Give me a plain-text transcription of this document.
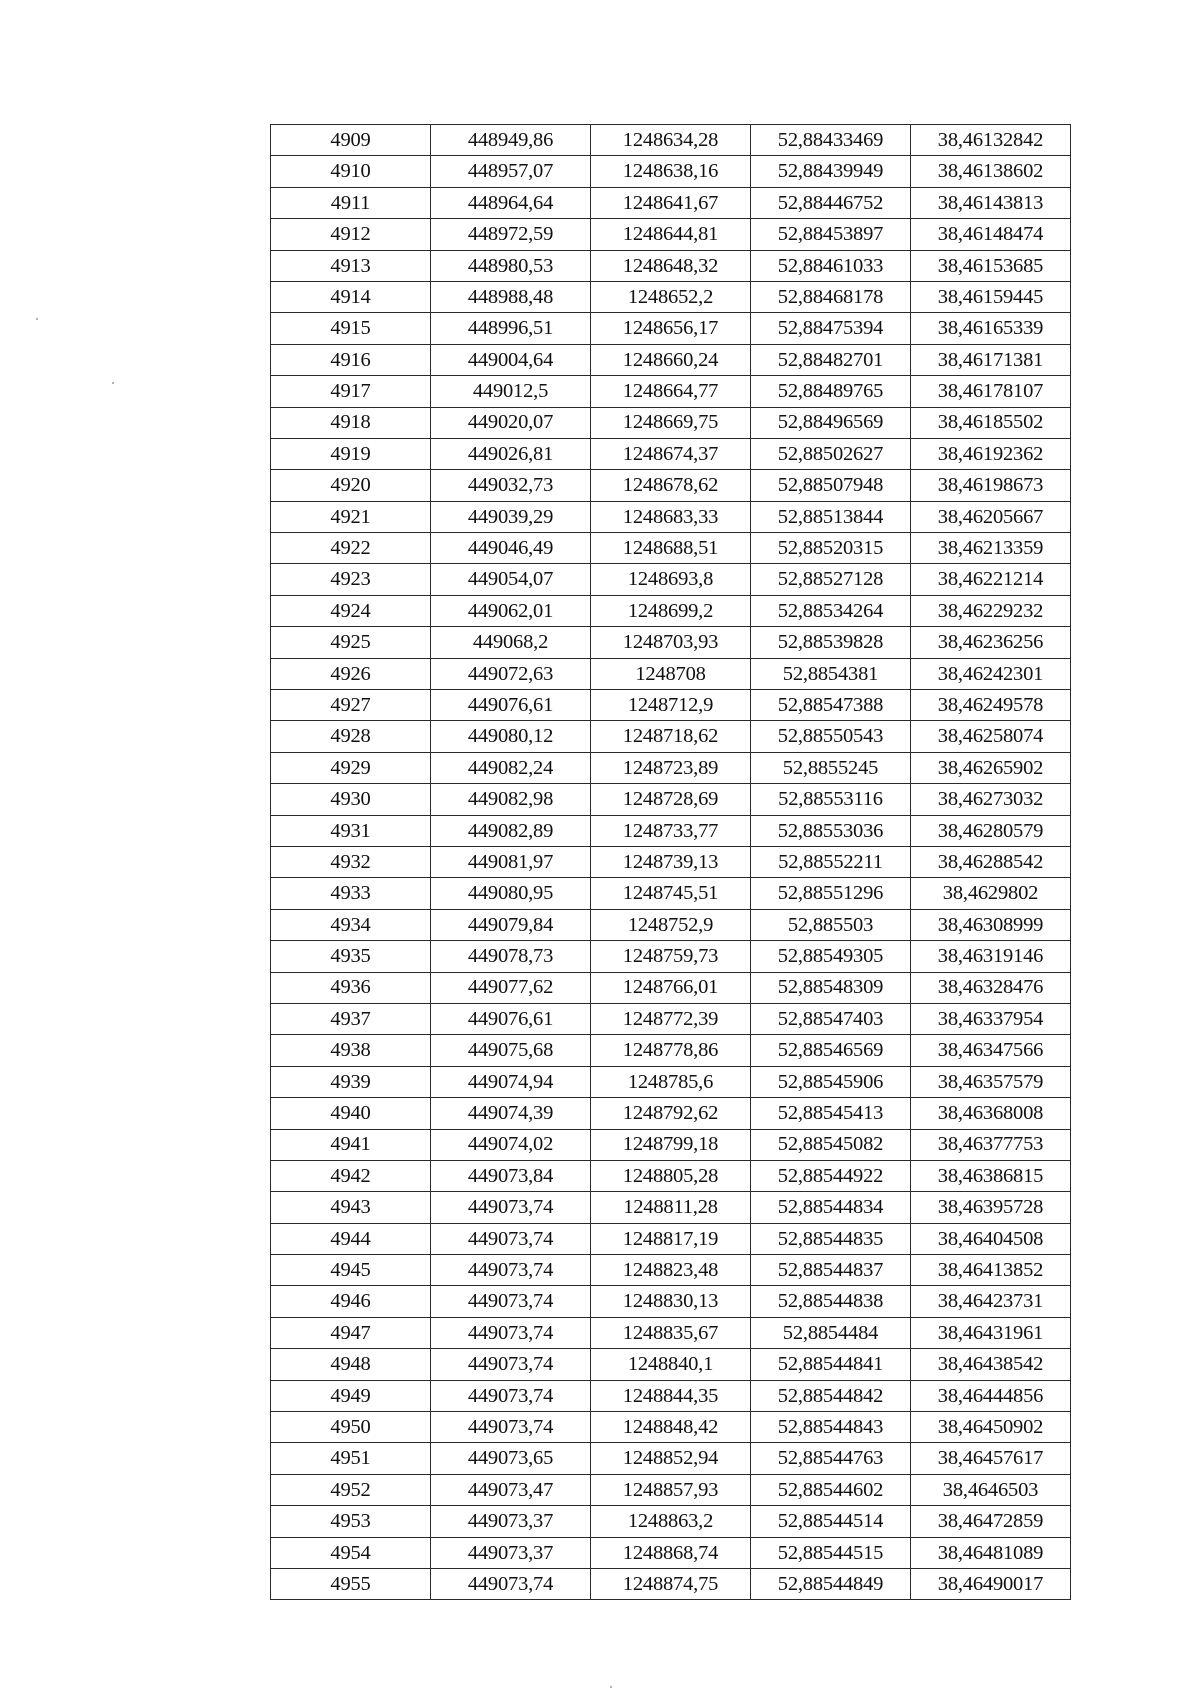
4909	448949,86	1248634,28	52,88433469	38,46132842
4910	448957,07	1248638,16	52,88439949	38,46138602
4911	448964,64	1248641,67	52,88446752	38,46143813
4912	448972,59	1248644,81	52,88453897	38,46148474
4913	448980,53	1248648,32	52,88461033	38,46153685
4914	448988,48	1248652,2	52,88468178	38,46159445
4915	448996,51	1248656,17	52,88475394	38,46165339
4916	449004,64	1248660,24	52,88482701	38,46171381
4917	449012,5	1248664,77	52,88489765	38,46178107
4918	449020,07	1248669,75	52,88496569	38,46185502
4919	449026,81	1248674,37	52,88502627	38,46192362
4920	449032,73	1248678,62	52,88507948	38,46198673
4921	449039,29	1248683,33	52,88513844	38,46205667
4922	449046,49	1248688,51	52,88520315	38,46213359
4923	449054,07	1248693,8	52,88527128	38,46221214
4924	449062,01	1248699,2	52,88534264	38,46229232
4925	449068,2	1248703,93	52,88539828	38,46236256
4926	449072,63	1248708	52,8854381	38,46242301
4927	449076,61	1248712,9	52,88547388	38,46249578
4928	449080,12	1248718,62	52,88550543	38,46258074
4929	449082,24	1248723,89	52,8855245	38,46265902
4930	449082,98	1248728,69	52,88553116	38,46273032
4931	449082,89	1248733,77	52,88553036	38,46280579
4932	449081,97	1248739,13	52,88552211	38,46288542
4933	449080,95	1248745,51	52,88551296	38,4629802
4934	449079,84	1248752,9	52,885503	38,46308999
4935	449078,73	1248759,73	52,88549305	38,46319146
4936	449077,62	1248766,01	52,88548309	38,46328476
4937	449076,61	1248772,39	52,88547403	38,46337954
4938	449075,68	1248778,86	52,88546569	38,46347566
4939	449074,94	1248785,6	52,88545906	38,46357579
4940	449074,39	1248792,62	52,88545413	38,46368008
4941	449074,02	1248799,18	52,88545082	38,46377753
4942	449073,84	1248805,28	52,88544922	38,46386815
4943	449073,74	1248811,28	52,88544834	38,46395728
4944	449073,74	1248817,19	52,88544835	38,46404508
4945	449073,74	1248823,48	52,88544837	38,46413852
4946	449073,74	1248830,13	52,88544838	38,46423731
4947	449073,74	1248835,67	52,8854484	38,46431961
4948	449073,74	1248840,1	52,88544841	38,46438542
4949	449073,74	1248844,35	52,88544842	38,46444856
4950	449073,74	1248848,42	52,88544843	38,46450902
4951	449073,65	1248852,94	52,88544763	38,46457617
4952	449073,47	1248857,93	52,88544602	38,4646503
4953	449073,37	1248863,2	52,88544514	38,46472859
4954	449073,37	1248868,74	52,88544515	38,46481089
4955	449073,74	1248874,75	52,88544849	38,46490017
